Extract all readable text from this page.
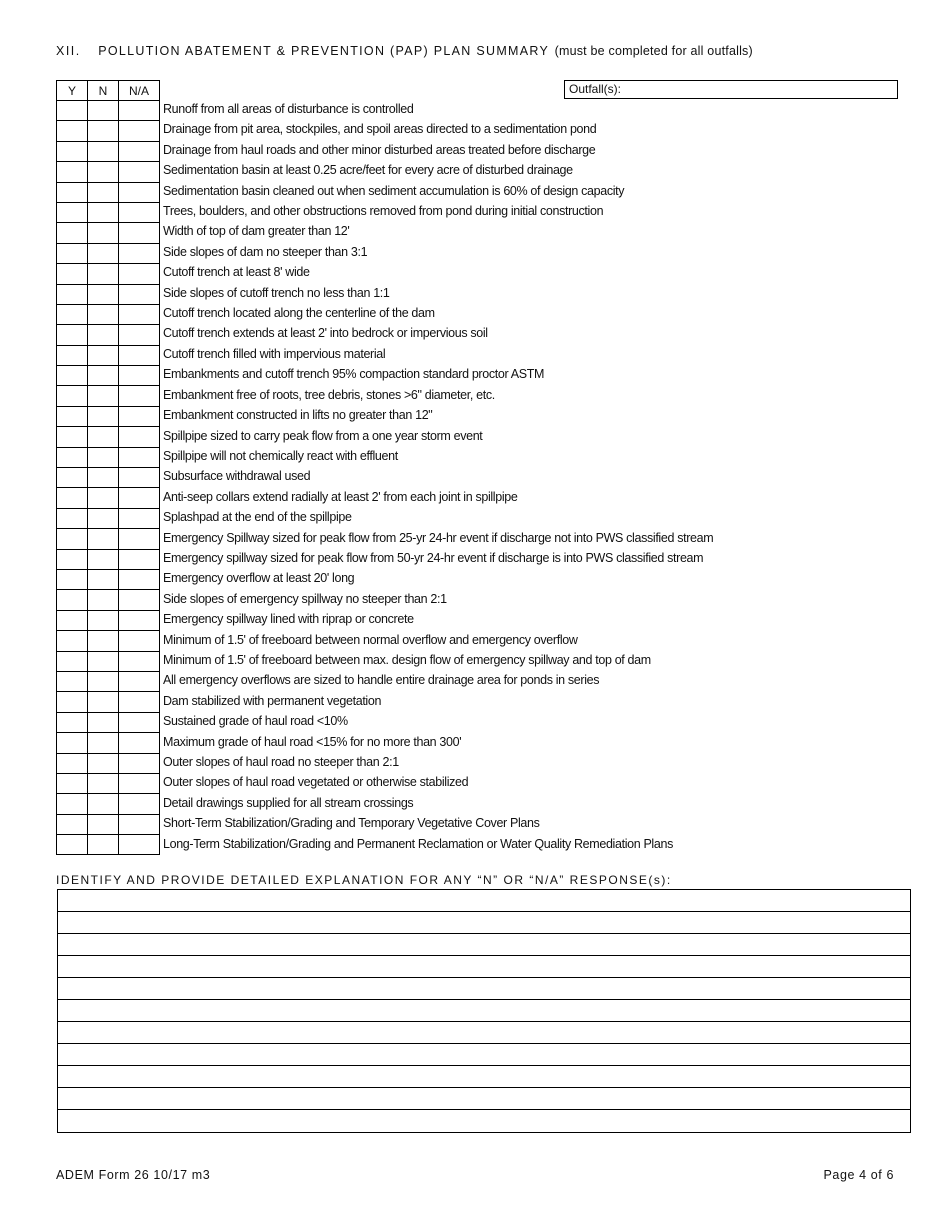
XII. POLLUTION ABATEMENT & PREVENTION (PAP) PLAN SUMMARY (must be completed for all outfalls)
Y	N	N/A

			Outfall(s):
Runoff from all areas of disturbance is controlled
Drainage from pit area, stockpiles, and spoil areas directed to a sedimentation pond
Drainage from haul roads and other minor disturbed areas treated before discharge
Sedimentation basin at least 0.25 acre/feet for every acre of disturbed drainage
Sedimentation basin cleaned out when sediment accumulation is 60% of design capacity
Trees, boulders, and other obstructions removed from pond during initial construction
Width of top of dam greater than 12'
Side slopes of dam no steeper than 3:1
Cutoff trench at least 8' wide
Side slopes of cutoff trench no less than 1:1
Cutoff trench located along the centerline of the dam
Cutoff trench extends at least 2' into bedrock or impervious soil
Cutoff trench filled with impervious material
Embankments and cutoff trench 95% compaction standard proctor ASTM
Embankment free of roots, tree debris, stones >6" diameter, etc.
Embankment constructed in lifts no greater than 12"
Spillpipe sized to carry peak flow from a one year storm event
Spillpipe will not chemically react with effluent
Subsurface withdrawal used
Anti-seep collars extend radially at least 2' from each joint in spillpipe
Splashpad at the end of the spillpipe
Emergency Spillway sized for peak flow from 25-yr 24-hr event if discharge not into PWS classified stream
Emergency spillway sized for peak flow from 50-yr 24-hr event if discharge is into PWS classified stream
Emergency overflow at least 20' long
Side slopes of emergency spillway no steeper than 2:1
Emergency spillway lined with riprap or concrete
Minimum of 1.5' of freeboard between normal overflow and emergency overflow
Minimum of 1.5' of freeboard between max. design flow of emergency spillway and top of dam
All emergency overflows are sized to handle entire drainage area for ponds in series
Dam stabilized with permanent vegetation
Sustained grade of haul road <10%
Maximum grade of haul road <15% for no more than 300'
Outer slopes of haul road no steeper than 2:1
Outer slopes of haul road vegetated or otherwise stabilized
Detail drawings supplied for all stream crossings
Short-Term Stabilization/Grading and Temporary Vegetative Cover Plans
Long-Term Stabilization/Grading and Permanent Reclamation or Water Quality Remediation Plans
IDENTIFY AND PROVIDE DETAILED EXPLANATION FOR ANY “N” OR “N/A” RESPONSE(s):
ADEM Form 26 10/17 m3	Page 4 of 6
